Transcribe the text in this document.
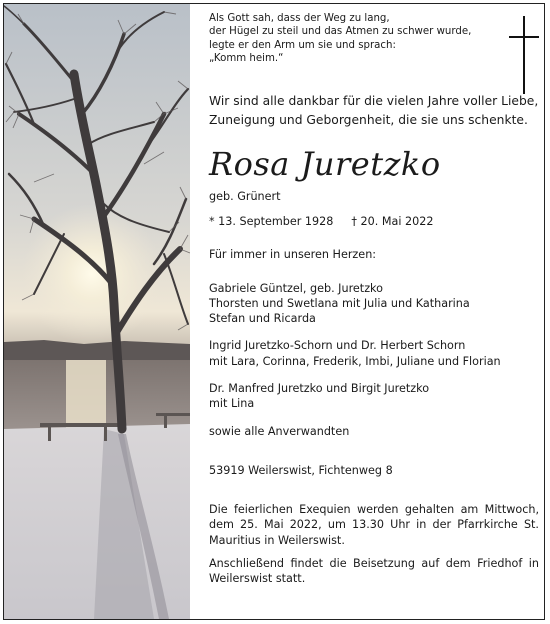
Als Gott sah, dass der Weg zu lang,
der Hügel zu steil und das Atmen zu schwer wurde,
legte er den Arm um sie und sprach:
„Komm heim.“
Wir sind alle dankbar für die vielen Jahre voller Liebe,
Zuneigung und Geborgenheit, die sie uns schenkte.
Rosa Juretzko
geb. Grünert
* 13. September 1928 † 20. Mai 2022
Für immer in unseren Herzen:
Gabriele Güntzel, geb. Juretzko
Thorsten und Swetlana mit Julia und Katharina
Stefan und Ricarda
Ingrid Juretzko-Schorn und Dr. Herbert Schorn
mit Lara, Corinna, Frederik, Imbi, Juliane und Florian
Dr. Manfred Juretzko und Birgit Juretzko
mit Lina
sowie alle Anverwandten
53919 Weilerswist, Fichtenweg 8
Die feierlichen Exequien werden gehalten am Mittwoch, dem 25. Mai 2022, um 13.30 Uhr in der Pfarrkirche St. Mauritius in Weilerswist.
Anschließend findet die Beisetzung auf dem Friedhof in Weilerswist statt.
